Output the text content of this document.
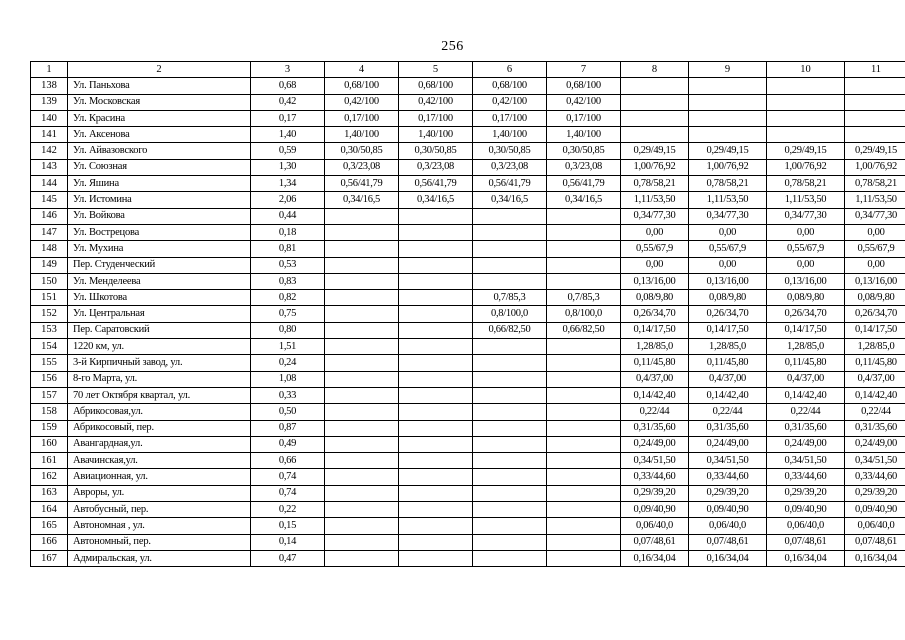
256
1	2	3	4	5	6	7	8	9	10	11
138	Ул. Паньхова	0,68	0,68/100	0,68/100	0,68/100	0,68/100				
139	Ул. Московская	0,42	0,42/100	0,42/100	0,42/100	0,42/100				
140	Ул. Красина	0,17	0,17/100	0,17/100	0,17/100	0,17/100				
141	Ул. Аксенова	1,40	1,40/100	1,40/100	1,40/100	1,40/100				
142	Ул. Айвазовского	0,59	0,30/50,85	0,30/50,85	0,30/50,85	0,30/50,85	0,29/49,15	0,29/49,15	0,29/49,15	0,29/49,15
143	Ул. Союзная	1,30	0,3/23,08	0,3/23,08	0,3/23,08	0,3/23,08	1,00/76,92	1,00/76,92	1,00/76,92	1,00/76,92
144	Ул. Яшина	1,34	0,56/41,79	0,56/41,79	0,56/41,79	0,56/41,79	0,78/58,21	0,78/58,21	0,78/58,21	0,78/58,21
145	Ул. Истомина	2,06	0,34/16,5	0,34/16,5	0,34/16,5	0,34/16,5	1,11/53,50	1,11/53,50	1,11/53,50	1,11/53,50
146	Ул. Войкова	0,44					0,34/77,30	0,34/77,30	0,34/77,30	0,34/77,30
147	Ул. Вострецова	0,18					0,00	0,00	0,00	0,00
148	Ул. Мухина	0,81					0,55/67,9	0,55/67,9	0,55/67,9	0,55/67,9
149	Пер. Студенческий	0,53					0,00	0,00	0,00	0,00
150	Ул. Менделеева	0,83					0,13/16,00	0,13/16,00	0,13/16,00	0,13/16,00
151	Ул. Шкотова	0,82			0,7/85,3	0,7/85,3	0,08/9,80	0,08/9,80	0,08/9,80	0,08/9,80
152	Ул. Центральная	0,75			0,8/100,0	0,8/100,0	0,26/34,70	0,26/34,70	0,26/34,70	0,26/34,70
153	Пер. Саратовский	0,80			0,66/82,50	0,66/82,50	0,14/17,50	0,14/17,50	0,14/17,50	0,14/17,50
154	1220 км, ул.	1,51					1,28/85,0	1,28/85,0	1,28/85,0	1,28/85,0
155	3-й Кирпичный завод, ул.	0,24					0,11/45,80	0,11/45,80	0,11/45,80	0,11/45,80
156	8-го Марта, ул.	1,08					0,4/37,00	0,4/37,00	0,4/37,00	0,4/37,00
157	70 лет Октября квартал, ул.	0,33					0,14/42,40	0,14/42,40	0,14/42,40	0,14/42,40
158	Абрикосовая,ул.	0,50					0,22/44	0,22/44	0,22/44	0,22/44
159	Абрикосовый, пер.	0,87					0,31/35,60	0,31/35,60	0,31/35,60	0,31/35,60
160	Авангардная,ул.	0,49					0,24/49,00	0,24/49,00	0,24/49,00	0,24/49,00
161	Авачинская,ул.	0,66					0,34/51,50	0,34/51,50	0,34/51,50	0,34/51,50
162	Авиационная, ул.	0,74					0,33/44,60	0,33/44,60	0,33/44,60	0,33/44,60
163	Авроры, ул.	0,74					0,29/39,20	0,29/39,20	0,29/39,20	0,29/39,20
164	Автобусный, пер.	0,22					0,09/40,90	0,09/40,90	0,09/40,90	0,09/40,90
165	Автономная , ул.	0,15					0,06/40,0	0,06/40,0	0,06/40,0	0,06/40,0
166	Автономный, пер.	0,14					0,07/48,61	0,07/48,61	0,07/48,61	0,07/48,61
167	Адмиральская, ул.	0,47					0,16/34,04	0,16/34,04	0,16/34,04	0,16/34,04
